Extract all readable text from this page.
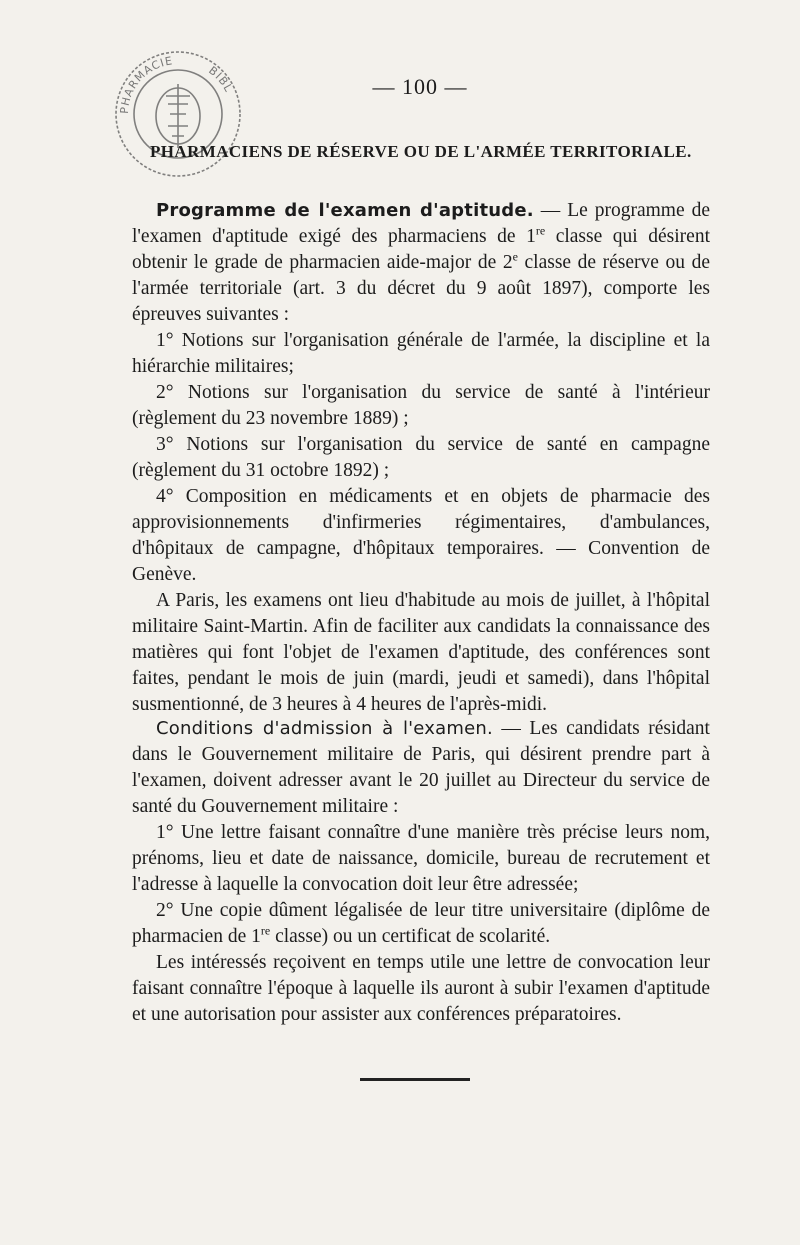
PHARMACIE
BIBL	— 100 —
PHARMACIENS DE RÉSERVE OU DE L'ARMÉE TERRITORIALE.

Programme de l'examen d'aptitude. — Le programme de l'examen d'aptitude exigé des pharmaciens de 1re classe qui désirent obtenir le grade de pharmacien aide-major de 2e classe de réserve ou de l'armée territoriale (art. 3 du décret du 9 août 1897), comporte les épreuves suivantes :

1° Notions sur l'organisation générale de l'armée, la discipline et la hiérarchie militaires;

2° Notions sur l'organisation du service de santé à l'intérieur (règlement du 23 novembre 1889) ;

3° Notions sur l'organisation du service de santé en campagne (règlement du 31 octobre 1892) ;

4° Composition en médicaments et en objets de pharmacie des approvisionnements d'infirmeries régimentaires, d'ambulances, d'hôpitaux de campagne, d'hôpitaux temporaires. — Convention de Genève.

A Paris, les examens ont lieu d'habitude au mois de juillet, à l'hôpital militaire Saint-Martin. Afin de faciliter aux candidats la connaissance des matières qui font l'objet de l'examen d'aptitude, des conférences sont faites, pendant le mois de juin (mardi, jeudi et samedi), dans l'hôpital susmentionné, de 3 heures à 4 heures de l'après-midi.

Conditions d'admission à l'examen. — Les candidats résidant dans le Gouvernement militaire de Paris, qui désirent prendre part à l'examen, doivent adresser avant le 20 juillet au Directeur du service de santé du Gouvernement militaire :

1° Une lettre faisant connaître d'une manière très précise leurs nom, prénoms, lieu et date de naissance, domicile, bureau de recrutement et l'adresse à laquelle la convocation doit leur être adressée;

2° Une copie dûment légalisée de leur titre universitaire (diplôme de pharmacien de 1re classe) ou un certificat de scolarité.

Les intéressés reçoivent en temps utile une lettre de convocation leur faisant connaître l'époque à laquelle ils auront à subir l'examen d'aptitude et une autorisation pour assister aux conférences préparatoires.
